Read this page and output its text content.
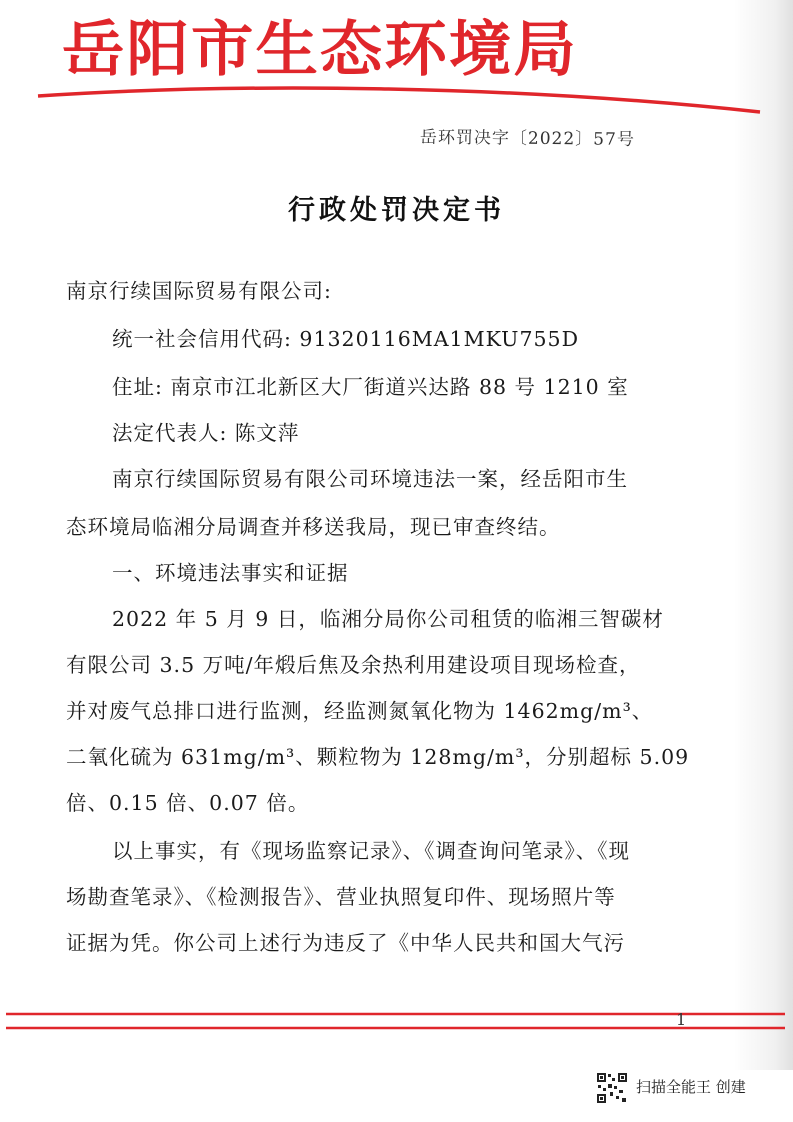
岳阳市生态环境局
岳环罚决字〔2022〕57号
行政处罚决定书
南京行续国际贸易有限公司:
统一社会信用代码: 91320116MA1MKU755D
住址: 南京市江北新区大厂街道兴达路 88 号 1210 室
法定代表人: 陈文萍
南京行续国际贸易有限公司环境违法一案，经岳阳市生
态环境局临湘分局调查并移送我局，现已审查终结。
一、环境违法事实和证据
2022 年 5 月 9 日，临湘分局你公司租赁的临湘三智碳材
有限公司 3.5 万吨/年煅后焦及余热利用建设项目现场检查，
并对废气总排口进行监测，经监测氮氧化物为 1462mg/m³、
二氧化硫为 631mg/m³、颗粒物为 128mg/m³，分别超标 5.09
倍、0.15 倍、0.07 倍。
以上事实，有《现场监察记录》、《调查询问笔录》、《现
场勘查笔录》、《检测报告》、营业执照复印件、现场照片等
证据为凭。你公司上述行为违反了《中华人民共和国大气污
1
扫描全能王 创建
